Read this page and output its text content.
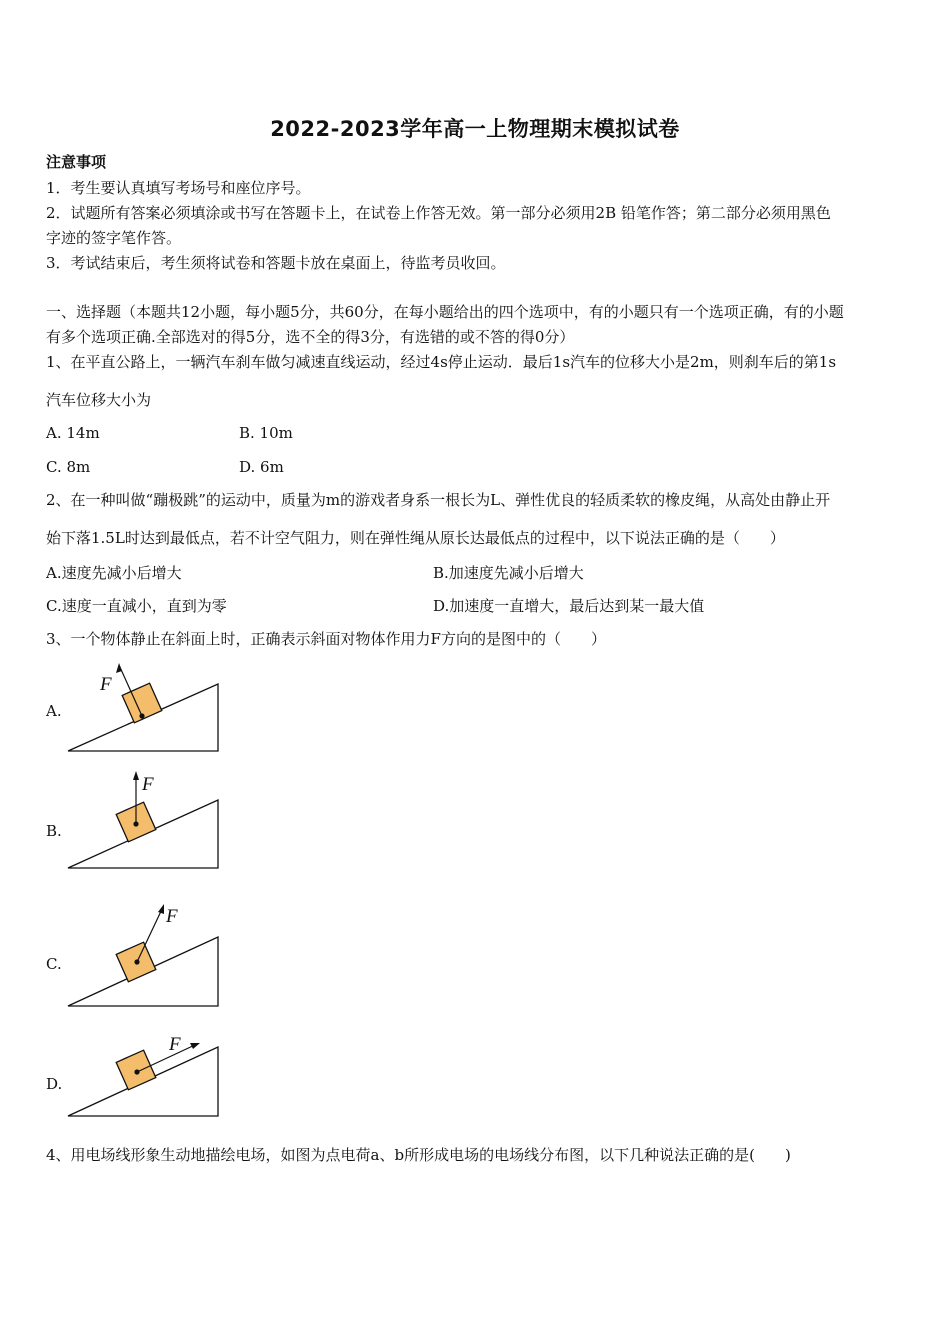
2022-2023学年高一上物理期末模拟试卷
注意事项
1．考生要认真填写考场号和座位序号。
2．试题所有答案必须填涂或书写在答题卡上，在试卷上作答无效。第一部分必须用2B 铅笔作答；第二部分必须用黑色
字迹的签字笔作答。
3．考试结束后，考生须将试卷和答题卡放在桌面上，待监考员收回。
一、选择题（本题共12小题，每小题5分，共60分，在每小题给出的四个选项中，有的小题只有一个选项正确，有的小题
有多个选项正确.全部选对的得5分，选不全的得3分，有选错的或不答的得0分）
1、在平直公路上，一辆汽车刹车做匀减速直线运动，经过4s停止运动．最后1s汽车的位移大小是2m，则刹车后的第1s
汽车位移大小为
A. 14m	B. 10m
C. 8m	D. 6m
2、在一种叫做“蹦极跳”的运动中，质量为m的游戏者身系一根长为L、弹性优良的轻质柔软的橡皮绳，从高处由静止开
始下落1.5L时达到最低点，若不计空气阻力，则在弹性绳从原长达最低点的过程中，以下说法正确的是（　　）
A.速度先减小后增大	B.加速度先减小后增大
C.速度一直减小，直到为零	D.加速度一直增大，最后达到某一最大值
3、一个物体静止在斜面上时，正确表示斜面对物体作用力F方向的是图中的（　　）
A.
F
B.
F
C.
F
D.
F
4、用电场线形象生动地描绘电场，如图为点电荷a、b所形成电场的电场线分布图，以下几种说法正确的是(　　)
